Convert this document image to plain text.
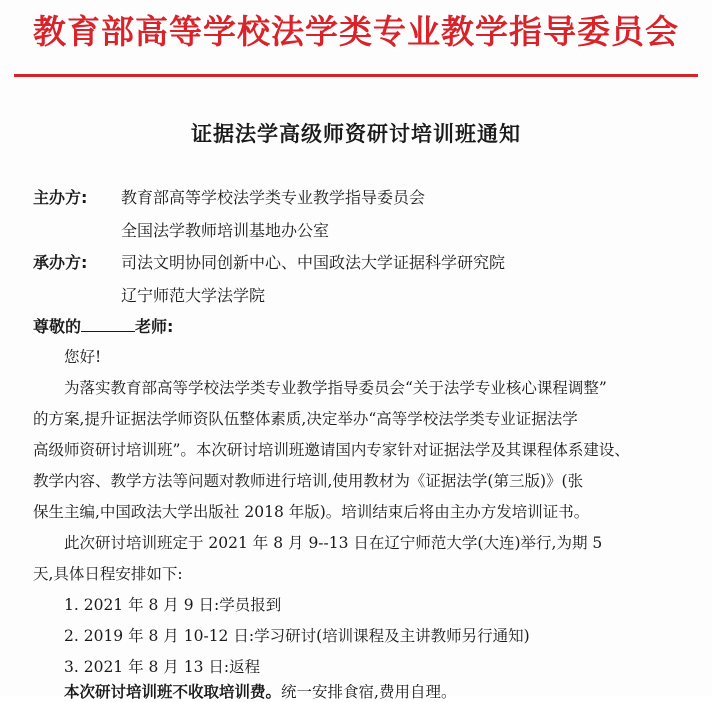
教育部高等学校法学类专业教学指导委员会
证据法学高级师资研讨培训班通知
主办方: 教育部高等学校法学类专业教学指导委员会
全国法学教师培训基地办公室
承办方: 司法文明协同创新中心、中国政法大学证据科学研究院
辽宁师范大学法学院
尊敬的	老师:
您好!
为落实教育部高等学校法学类专业教学指导委员会“关于法学专业核心课程调整”
的方案,提升证据法学师资队伍整体素质,决定举办“高等学校法学类专业证据法学
高级师资研讨培训班”。本次研讨培训班邀请国内专家针对证据法学及其课程体系建设、
教学内容、教学方法等问题对教师进行培训,使用教材为《证据法学(第三版)》(张
保生主编,中国政法大学出版社 2018 年版)。培训结束后将由主办方发培训证书。
此次研讨培训班定于 2021 年 8 月 9--13 日在辽宁师范大学(大连)举行,为期 5
天,具体日程安排如下:
1. 2021 年 8 月 9 日:学员报到
2. 2019 年 8 月 10-12 日:学习研讨(培训课程及主讲教师另行通知)
3. 2021 年 8 月 13 日:返程
本次研讨培训班不收取培训费。统一安排食宿,费用自理。
